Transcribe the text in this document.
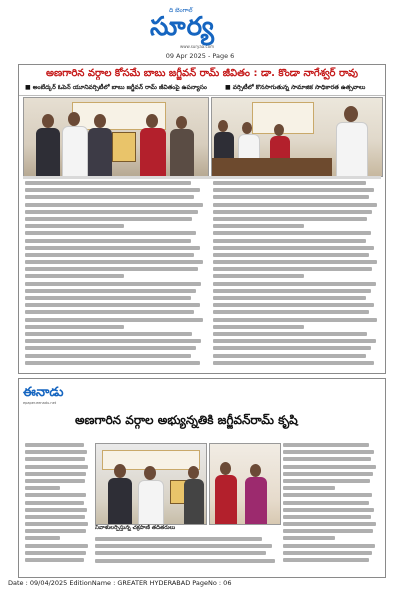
ది బెంగాల్
సూర్య
www.suryaa.com
09 Apr 2025 - Page 6
అణగారిన వర్గాల కోసమే బాబు జగ్జీవన్ రామ్ జీవితం : డా. కొండా నాగేశ్వర్ రావు
■ అంబేద్కర్ ఓపెన్ యూనివర్సిటీలో బాబు జగ్జీవన్ రామ్ జీవితంపై ఉపన్యాసం	■ వర్సిటీలో కొనసాగుతున్న సామాజిక సాధికారత ఉత్సవాలు
ఈనాడు
epaper.eenadu.net
అణగారిన వర్గాల అభ్యున్నతికి జగ్జీవన్‌రామ్ కృషి
నివాళులర్పిస్తున్న చక్రపాణి తదితరులు
Date : 09/04/2025 EditionName : GREATER HYDERABAD PageNo : 06
